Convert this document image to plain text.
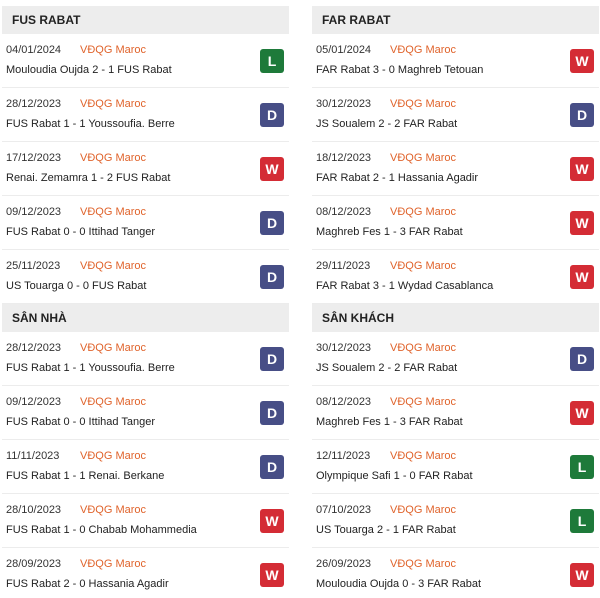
FUS RABAT
04/01/2024 VĐQG Maroc
Mouloudia Oujda 2 - 1 FUS Rabat
L
28/12/2023 VĐQG Maroc
FUS Rabat 1 - 1 Youssoufia. Berre
D
17/12/2023 VĐQG Maroc
Renai. Zemamra 1 - 2 FUS Rabat
W
09/12/2023 VĐQG Maroc
FUS Rabat 0 - 0 Ittihad Tanger
D
25/11/2023 VĐQG Maroc
US Touarga 0 - 0 FUS Rabat
D
FAR RABAT
05/01/2024 VĐQG Maroc
FAR Rabat 3 - 0 Maghreb Tetouan
W
30/12/2023 VĐQG Maroc
JS Soualem 2 - 2 FAR Rabat
D
18/12/2023 VĐQG Maroc
FAR Rabat 2 - 1 Hassania Agadir
W
08/12/2023 VĐQG Maroc
Maghreb Fes 1 - 3 FAR Rabat
W
29/11/2023 VĐQG Maroc
FAR Rabat 3 - 1 Wydad Casablanca
W
SÂN NHÀ
28/12/2023 VĐQG Maroc
FUS Rabat 1 - 1 Youssoufia. Berre
D
09/12/2023 VĐQG Maroc
FUS Rabat 0 - 0 Ittihad Tanger
D
11/11/2023 VĐQG Maroc
FUS Rabat 1 - 1 Renai. Berkane
D
28/10/2023 VĐQG Maroc
FUS Rabat 1 - 0 Chabab Mohammedia
W
28/09/2023 VĐQG Maroc
FUS Rabat 2 - 0 Hassania Agadir
W
SÂN KHÁCH
30/12/2023 VĐQG Maroc
JS Soualem 2 - 2 FAR Rabat
D
08/12/2023 VĐQG Maroc
Maghreb Fes 1 - 3 FAR Rabat
W
12/11/2023 VĐQG Maroc
Olympique Safi 1 - 0 FAR Rabat
L
07/10/2023 VĐQG Maroc
US Touarga 2 - 1 FAR Rabat
L
26/09/2023 VĐQG Maroc
Mouloudia Oujda 0 - 3 FAR Rabat
W
